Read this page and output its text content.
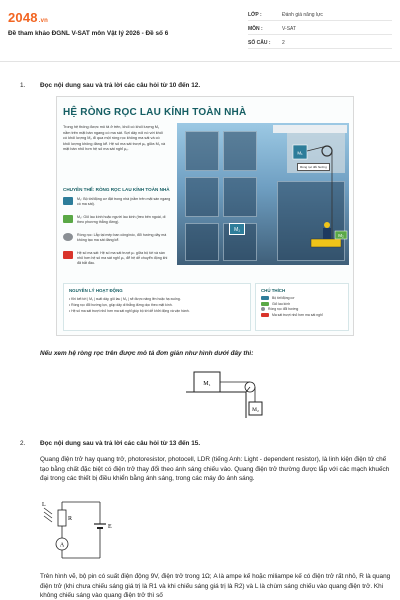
2048.vn
Đề tham khảo ĐGNL V-SAT môn Vật lý 2026 - Đề số 6
LỚP :	Đánh giá năng lực
MÔN :	V-SAT
SỐ CÂU :	2
1. Đọc nội dung sau và trả lời các câu hỏi từ 10 đến 12.
HỆ RÒNG RỌC LAU KÍNH TOÀN NHÀ
Trong hệ thống được mô tả ở trên, khối có khối lượng M₁ nằm trên mặt bàn ngang có ma sát. Sợi dây nối nó với khối có khối lượng M₂ đi qua một ròng rọc không ma sát và có khối lượng không đáng kể. Hệ số ma sát trượt μₖ giữa M₁ và mặt bàn nhỏ hơn hệ số ma sát nghỉ μₛ.
M₁
M₂
Ròng rọc đổi hướng
M₁
CHUYÊN THỂ: RÒNG RỌC LAU KÍNH TOÀN NHÀ
M₁: Bộ tời/động cơ đặt trong nhà (nằm trên mặt sàn ngang có ma sát).
M₂: Giỏ lau kính hoặc người lau kính (treo bên ngoài, di theo phương thẳng đứng).
Ròng rọc: Lắp tại mép ban công/nóc, đổi hướng dây mà không tạo ma sát đáng kể.
Hệ số ma sát: Hệ số ma sát trượt μₖ giữa bộ tời và sàn nhỏ hơn hệ số ma sát nghỉ μₛ, để hệ dễ chuyển động khi đã bắt đầu.
NGUYÊN LÝ HOẠT ĐỘNG

• Khi kết tời | M₁ | xuất dây, giỏ lau | M₂ | sẽ được nâng lên hoặc hạ xuống.

• Ròng rọc đổi hướng lực, giúp dây di thẳng đứng dọc theo mặt kính.

• Hệ số ma sát trượt nhỏ hơn ma sát nghỉ giúp bộ tời dễ khởi động và vận hành.

CHÚ THÍCH
Bộ tời/động cơ
Giỏ lau kính
Ròng rọc đổi hướng
Ma sát trượt nhỏ hơn ma sát nghỉ
Nếu xem hệ ròng rọc trên được mô tả đơn giản như hình dưới đây thì:
M₁
M₂
2. Đọc nội dung sau và trả lời các câu hỏi từ 13 đến 15.
Quang điện trở hay quang trở, photoresistor, photocell, LDR (tiếng Anh: Light - dependent resistor), là linh kiện điện tử chế tạo bằng chất đặc biệt có điện trở thay đổi theo ánh sáng chiếu vào. Quang điện trở thường được lắp với các mạch khuếch đại trong các thiết bị điều khiển bằng ánh sáng, trong các máy đo ánh sáng.
L
R
E
A
Trên hình vẽ, bộ pin có suất điện động 9V, điện trở trong 1Ω; A là ampe kế hoặc miliampe kế có điện trở rất nhỏ, R là quang điện trở (khi chưa chiếu sáng giá trị là R1 và khi chiếu sáng giá trị là R2) và L là chùm sáng chiếu vào quang điện trở. Khi không chiếu sáng vào quang điện trở thì số
